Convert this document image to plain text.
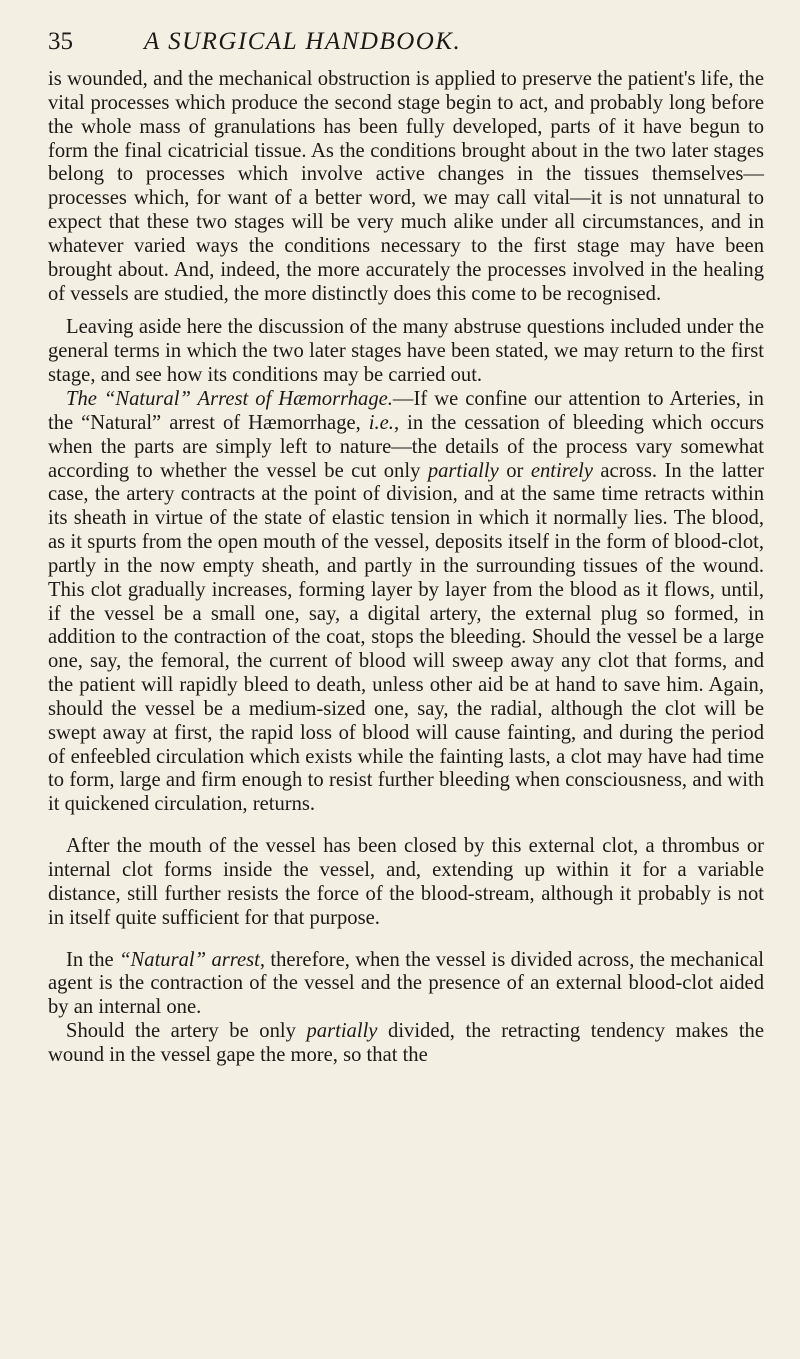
35	A SURGICAL HANDBOOK.

is wounded, and the mechanical obstruction is applied to preserve the patient's life, the vital processes which produce the second stage begin to act, and probably long before the whole mass of granulations has been fully developed, parts of it have begun to form the final cicatricial tissue. As the conditions brought about in the two later stages belong to processes which involve active changes in the tissues themselves—processes which, for want of a better word, we may call vital—it is not unnatural to expect that these two stages will be very much alike under all circumstances, and in whatever varied ways the conditions necessary to the first stage may have been brought about. And, indeed, the more accurately the processes involved in the healing of vessels are studied, the more distinctly does this come to be recognised.

Leaving aside here the discussion of the many abstruse questions included under the general terms in which the two later stages have been stated, we may return to the first stage, and see how its conditions may be carried out.

The “Natural” Arrest of Hæmorrhage.—If we confine our attention to Arteries, in the “Natural” arrest of Hæmorrhage, i.e., in the cessation of bleeding which occurs when the parts are simply left to nature—the details of the process vary somewhat according to whether the vessel be cut only partially or entirely across. In the latter case, the artery contracts at the point of division, and at the same time retracts within its sheath in virtue of the state of elastic tension in which it normally lies. The blood, as it spurts from the open mouth of the vessel, deposits itself in the form of blood-clot, partly in the now empty sheath, and partly in the surrounding tissues of the wound. This clot gradually increases, forming layer by layer from the blood as it flows, until, if the vessel be a small one, say, a digital artery, the external plug so formed, in addition to the contraction of the coat, stops the bleeding. Should the vessel be a large one, say, the femoral, the current of blood will sweep away any clot that forms, and the patient will rapidly bleed to death, unless other aid be at hand to save him. Again, should the vessel be a medium-sized one, say, the radial, although the clot will be swept away at first, the rapid loss of blood will cause fainting, and during the period of enfeebled circulation which exists while the fainting lasts, a clot may have had time to form, large and firm enough to resist further bleeding when consciousness, and with it quickened circulation, returns.

After the mouth of the vessel has been closed by this external clot, a thrombus or internal clot forms inside the vessel, and, extending up within it for a variable distance, still further resists the force of the blood-stream, although it probably is not in itself quite sufficient for that purpose.

In the “Natural” arrest, therefore, when the vessel is divided across, the mechanical agent is the contraction of the vessel and the presence of an external blood-clot aided by an internal one.

Should the artery be only partially divided, the retracting tendency makes the wound in the vessel gape the more, so that the
